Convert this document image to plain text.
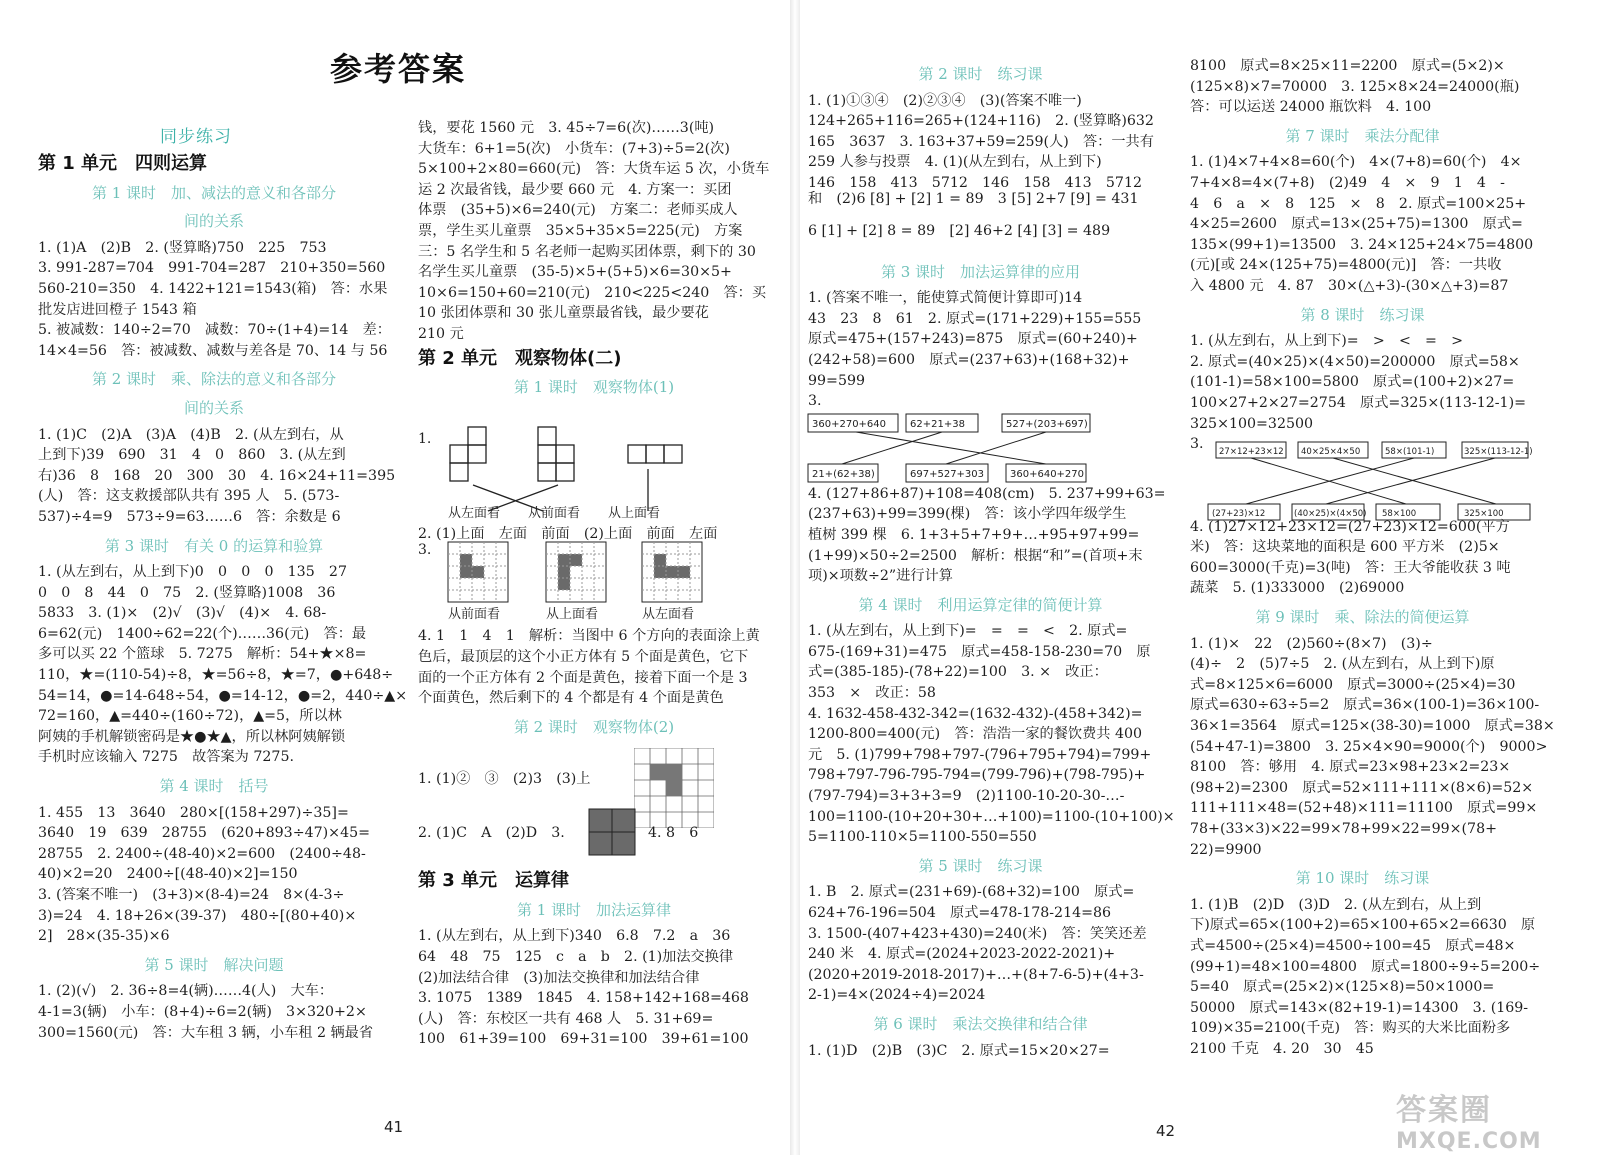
参考答案
同步练习

第 1 单元　四则运算

第 1 课时　加、减法的意义和各部分

间的关系

1. (1)A　(2)B　2. (竖算略)750　225　753

3. 991-287=704　991-704=287　210+350=560

560-210=350　4. 1422+121=1543(箱)　答：水果

批发店进回橙子 1543 箱

5. 被减数：140÷2=70　减数：70÷(1+4)=14　差：

14×4=56　答：被减数、减数与差各是 70、14 与 56

第 2 课时　乘、除法的意义和各部分

间的关系

1. (1)C　(2)A　(3)A　(4)B　2. (从左到右，从

上到下)39　690　31　4　0　860　3. (从左到

右)36　8　168　20　300　30　4. 16×24+11=395

(人)　答：这支救援部队共有 395 人　5. (573-

537)÷4=9　573÷9=63……6　答：余数是 6

第 3 课时　有关 0 的运算和验算

1. (从左到右，从上到下)0　0　0　0　135　27

0　0　8　44　0　75　2. (竖算略)1008　36

5833　3. (1)×　(2)√　(3)√　(4)×　4. 68-

6=62(元)　1400÷62=22(个)……36(元)　答：最

多可以买 22 个篮球　5. 7275　解析：54+★×8=

110，★=(110-54)÷8，★=56÷8，★=7，●+648÷

54=14，●=14-648÷54，●=14-12，●=2，440÷▲×

72=160，▲=440÷(160÷72)，▲=5，所以林

阿姨的手机解锁密码是★●★▲，所以林阿姨解锁

手机时应该输入 7275　故答案为 7275.

第 4 课时　括号

1. 455　13　3640　280×[(158+297)÷35]=

3640　19　639　28755　(620+893÷47)×45=

28755　2. 2400÷(48-40)×2=600　(2400÷48-

40)×2=20　2400÷[(48-40)×2]=150

3. (答案不唯一)　(3+3)×(8-4)=24　8×(4-3÷

3)=24　4. 18+26×(39-37)　480÷[(80+40)×

2]　28×(35-35)×6

第 5 课时　解决问题

1. (2)(√)　2. 36÷8=4(辆)……4(人)　大车：

4-1=3(辆)　小车：(8+4)÷6=2(辆)　3×320+2×

300=1560(元)　答：大车租 3 辆，小车租 2 辆最省

钱，要花 1560 元　3. 45÷7=6(次)……3(吨)

大货车：6+1=5(次)　小货车：(7+3)÷5=2(次)

5×100+2×80=660(元)　答：大货车运 5 次，小货车

运 2 次最省钱，最少要 660 元　4. 方案一：买团

体票　(35+5)×6=240(元)　方案二：老师买成人

票，学生买儿童票　35×5+35×5=225(元)　方案

三：5 名学生和 5 名老师一起购买团体票，剩下的 30

名学生买儿童票　(35-5)×5+(5+5)×6=30×5+

10×6=150+60=210(元)　210<225<240　答：买

10 张团体票和 30 张儿童票最省钱，最少要花

210 元

第 2 单元　观察物体(二)

第 1 课时　观察物体(1)

2. (1)上面　左面　前面　(2)上面　前面　左面

4. 1　1　4　1　解析：当图中 6 个方向的表面涂上黄

色后，最顶层的这个小正方体有 5 个面是黄色，它下

面的一个正方体有 2 个面是黄色，接着下面一个是 3

个面黄色，然后剩下的 4 个都是有 4 个面是黄色

第 2 课时　观察物体(2)

第 3 单元　运算律

第 1 课时　加法运算律

1. (从左到右，从上到下)340　6.8　7.2　a　36

64　48　75　125　c　a　b　2. (1)加法交换律

(2)加法结合律　(3)加法交换律和加法结合律

3. 1075　1389　1845　4. 158+142+168=468

(人)　答：东校区一共有 468 人　5. 31+69=

100　61+39=100　69+31=100　39+61=100

第 2 课时　练习课

1. (1)①③④　(2)②③④　(3)(答案不唯一)

124+265+116=265+(124+116)　2. (竖算略)632

165　3637　3. 163+37+59=259(人)　答：一共有

259 人参与投票　4. (1)(从左到右，从上到下)

146　158　413　5712　146　158　413　5712

第 3 课时　加法运算律的应用

1. (答案不唯一，能使算式简便计算即可)14

43　23　8　61　2. 原式=(171+229)+155=555

原式=475+(157+243)=875　原式=(60+240)+

(242+58)=600　原式=(237+63)+(168+32)+

99=599

3.

4. (127+86+87)+108=408(cm)　5. 237+99+63=

(237+63)+99=399(棵)　答：该小学四年级学生

植树 399 棵　6. 1+3+5+7+9+…+95+97+99=

(1+99)×50÷2=2500　解析：根据“和”=(首项+末

项)×项数÷2”进行计算

第 4 课时　利用运算定律的简便计算

1. (从左到右，从上到下)=　=　=　<　2. 原式=

675-(169+31)=475　原式=458-158-230=70　原

式=(385-185)-(78+22)=100　3. ×　改正：

353　×　改正：58

4. 1632-458-432-342=(1632-432)-(458+342)=

1200-800=400(元)　答：浩浩一家的餐饮费共 400

元　5. (1)799+798+797-(796+795+794)=799+

798+797-796-795-794=(799-796)+(798-795)+

(797-794)=3+3+3=9　(2)1100-10-20-30-…-

100=1100-(10+20+30+…+100)=1100-(10+100)×

5=1100-110×5=1100-550=550

第 5 课时　练习课

1. B　2. 原式=(231+69)-(68+32)=100　原式=

624+76-196=504　原式=478-178-214=86

3. 1500-(407+423+430)=240(米)　答：笑笑还差

240 米　4. 原式=(2024+2023-2022-2021)+

(2020+2019-2018-2017)+…+(8+7-6-5)+(4+3-

2-1)=4×(2024÷4)=2024

第 6 课时　乘法交换律和结合律

1. (1)D　(2)B　(3)C　2. 原式=15×20×27=

8100　原式=8×25×11=2200　原式=(5×2)×

(125×8)×7=70000　3. 125×8×24=24000(瓶)

答：可以运送 24000 瓶饮料　4. 100

第 7 课时　乘法分配律

1. (1)4×7+4×8=60(个)　4×(7+8)=60(个)　4×

7+4×8=4×(7+8)　(2)49　4　×　9　1　4　-

4　6　a　×　8　125　×　8　2. 原式=100×25+

4×25=2600　原式=13×(25+75)=1300　原式=

135×(99+1)=13500　3. 24×125+24×75=4800

(元)[或 24×(125+75)=4800(元)]　答：一共收

入 4800 元　4. 87　30×(△+3)-(30×△+3)=87

第 8 课时　练习课

1. (从左到右，从上到下)=　>　<　=　>

2. 原式=(40×25)×(4×50)=200000　原式=58×

(101-1)=58×100=5800　原式=(100+2)×27=

100×27+2×27=2754　原式=325×(113-12-1)=

325×100=32500

3.

4. (1)27×12+23×12=(27+23)×12=600(平方

米)　答：这块菜地的面积是 600 平方米　(2)5×

600=3000(千克)=3(吨)　答：王大爷能收获 3 吨

蔬菜　5. (1)333000　(2)69000

第 9 课时　乘、除法的简便运算

1. (1)×　22　(2)560÷(8×7)　(3)÷

(4)÷　2　(5)7÷5　2. (从左到右，从上到下)原

式=8×125×6=6000　原式=3000÷(25×4)=30

原式=630÷63÷5=2　原式=36×(100-1)=36×100-

36×1=3564　原式=125×(38-30)=1000　原式=38×

(54+47-1)=3800　3. 25×4×90=9000(个)　9000>

8100　答：够用　4. 原式=23×98+23×2=23×

(98+2)=2300　原式=52×111+111×(8×6)=52×

111+111×48=(52+48)×111=11100　原式=99×

78+(33×3)×22=99×78+99×22=99×(78+

22)=9900

第 10 课时　练习课

1. (1)B　(2)D　(3)D　2. (从左到右，从上到

下)原式=65×(100+2)=65×100+65×2=6630　原

式=4500÷(25×4)=4500÷100=45　原式=48×

(99+1)=48×100=4800　原式=1800÷9÷5=200÷

5=40　原式=(25×2)×(125×8)=50×1000=

50000　原式=143×(82+19-1)=14300　3. (169-

109)×35=2100(千克)　答：购买的大米比面粉多

2100 千克　4. 20　30　45

1.
从左面看 从前面看 从上面看
3.
从前面看	从上面看	从左面看
1. (1)②　③　(2)3　(3)上
2. (1)C　A　(2)D　3.	4. 8　6
和　(2)6 [8] + [2] 1 = 89　3 [5] 2+7 [9] = 431
6 [1] + [2] 8 = 89　[2] 46+2 [4] [3] = 489
360+270+640 62+21+38	527+(203+697)
21+(62+38)	697+527+303	360+640+270
27×12+23×12 40×25×4×50	58×(101-1)	325×(113-12-1)
(27+23)×12	(40×25)×(4×50) 58×100	325×100
41	42
答案圈
MXQE.COM
